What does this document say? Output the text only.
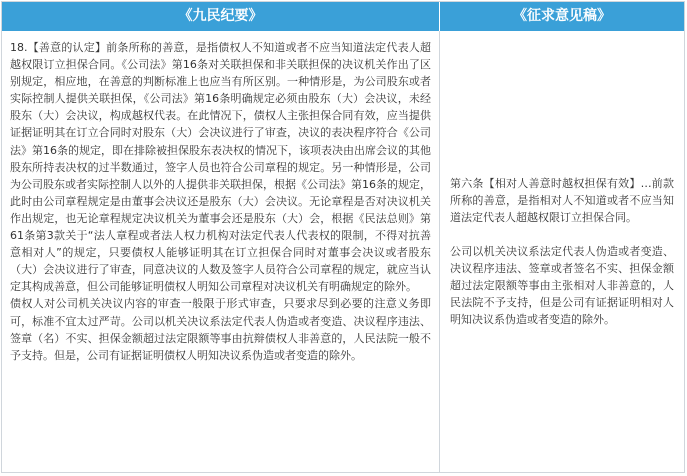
《九民纪要》	《征求意见稿》

18.【善意的认定】前条所称的善意，是指债权人不知道或者不应当知道法定代表人超越权限订立担保合同。《公司法》第16条对关联担保和非关联担保的决议机关作出了区别规定，相应地，在善意的判断标准上也应当有所区别。一种情形是，为公司股东或者实际控制人提供关联担保，《公司法》第16条明确规定必须由股东（大）会决议，未经股东（大）会决议，构成越权代表。在此情况下，债权人主张担保合同有效，应当提供证据证明其在订立合同时对股东（大）会决议进行了审查，决议的表决程序符合《公司法》第16条的规定，即在排除被担保股东表决权的情况下，该项表决由出席会议的其他股东所持表决权的过半数通过，签字人员也符合公司章程的规定。另一种情形是，公司为公司股东或者实际控制人以外的人提供非关联担保，根据《公司法》第16条的规定，此时由公司章程规定是由董事会决议还是股东（大）会决议。无论章程是否对决议机关作出规定，也无论章程规定决议机关为董事会还是股东（大）会，根据《民法总则》第61条第3款关于“法人章程或者法人权力机构对法定代表人代表权的限制，不得对抗善意相对人”的规定，只要债权人能够证明其在订立担保合同时对董事会决议或者股东（大）会决议进行了审查，同意决议的人数及签字人员符合公司章程的规定，就应当认定其构成善意，但公司能够证明债权人明知公司章程对决议机关有明确规定的除外。

债权人对公司机关决议内容的审查一般限于形式审查，只要求尽到必要的注意义务即可，标准不宜太过严苛。公司以机关决议系法定代表人伪造或者变造、决议程序违法、签章（名）不实、担保金额超过法定限额等事由抗辩债权人非善意的，人民法院一般不予支持。但是，公司有证据证明债权人明知决议系伪造或者变造的除外。

第六条【相对人善意时越权担保有效】…前款所称的善意，是指相对人不知道或者不应当知道法定代表人超越权限订立担保合同。

公司以机关决议系法定代表人伪造或者变造、决议程序违法、签章或者签名不实、担保金额超过法定限额等事由主张相对人非善意的，人民法院不予支持，但是公司有证据证明相对人明知决议系伪造或者变造的除外。
